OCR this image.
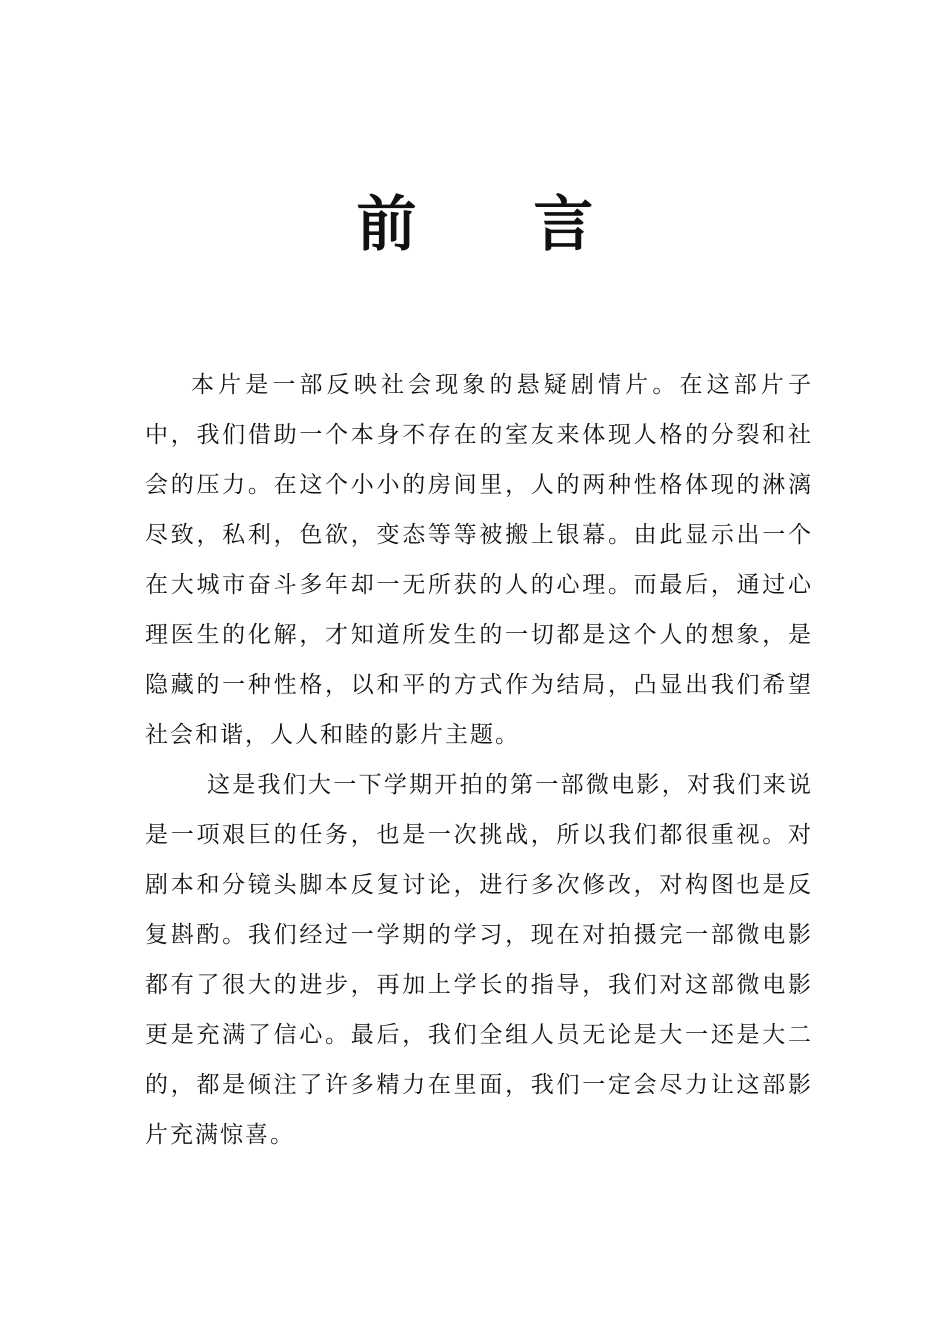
前 言

本片是一部反映社会现象的悬疑剧情片。在这部片子中，我们借助一个本身不存在的室友来体现人格的分裂和社会的压力。在这个小小的房间里，人的两种性格体现的淋漓尽致，私利，色欲，变态等等被搬上银幕。由此显示出一个在大城市奋斗多年却一无所获的人的心理。而最后，通过心理医生的化解，才知道所发生的一切都是这个人的想象，是隐藏的一种性格，以和平的方式作为结局，凸显出我们希望社会和谐，人人和睦的影片主题。

这是我们大一下学期开拍的第一部微电影，对我们来说是一项艰巨的任务，也是一次挑战，所以我们都很重视。对剧本和分镜头脚本反复讨论，进行多次修改，对构图也是反复斟酌。我们经过一学期的学习，现在对拍摄完一部微电影都有了很大的进步，再加上学长的指导，我们对这部微电影更是充满了信心。最后，我们全组人员无论是大一还是大二的，都是倾注了许多精力在里面，我们一定会尽力让这部影片充满惊喜。
